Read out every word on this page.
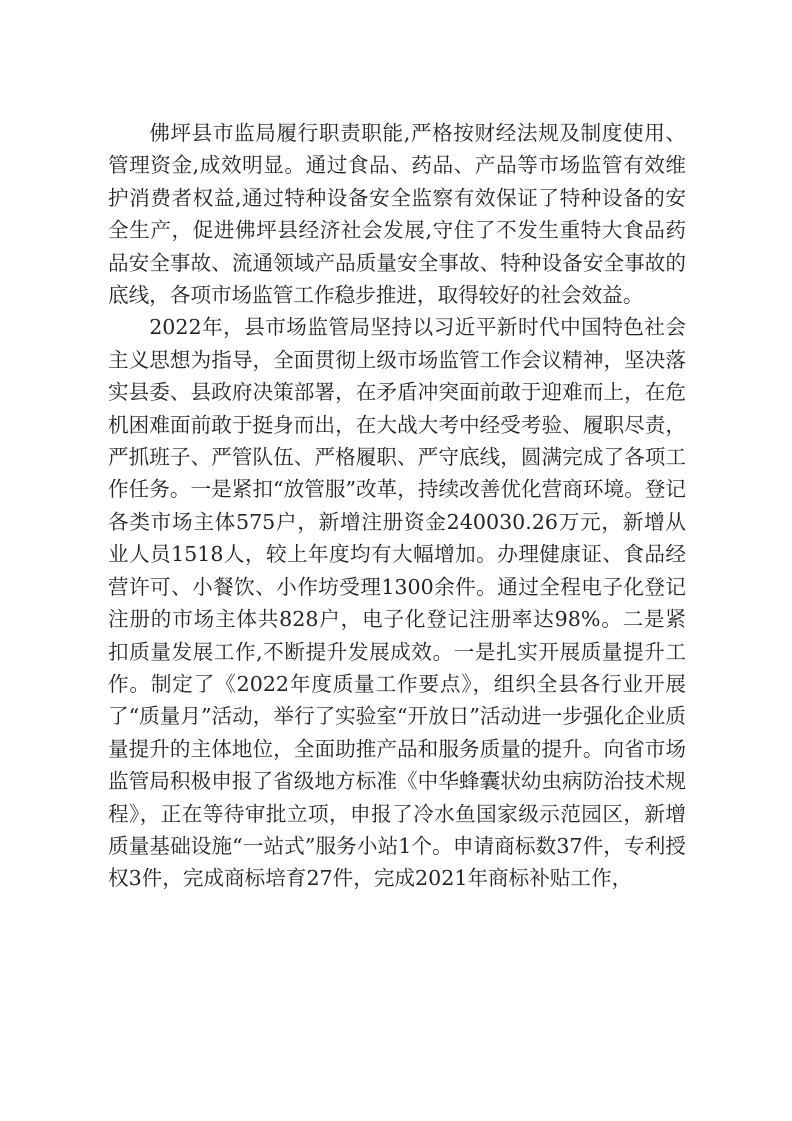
佛坪县市监局履行职责职能,严格按财经法规及制度使用、管理资金,成效明显。通过食品、药品、产品等市场监管有效维护消费者权益,通过特种设备安全监察有效保证了特种设备的安全生产，促进佛坪县经济社会发展,守住了不发生重特大食品药品安全事故、流通领域产品质量安全事故、特种设备安全事故的底线，各项市场监管工作稳步推进，取得较好的社会效益。

2022年，县市场监管局坚持以习近平新时代中国特色社会主义思想为指导，全面贯彻上级市场监管工作会议精神，坚决落实县委、县政府决策部署，在矛盾冲突面前敢于迎难而上，在危机困难面前敢于挺身而出，在大战大考中经受考验、履职尽责，严抓班子、严管队伍、严格履职、严守底线，圆满完成了各项工作任务。一是紧扣“放管服”改革，持续改善优化营商环境。登记各类市场主体575户，新增注册资金240030.26万元，新增从业人员1518人，较上年度均有大幅增加。办理健康证、食品经营许可、小餐饮、小作坊受理1300余件。通过全程电子化登记注册的市场主体共828户，电子化登记注册率达98%。二是紧扣质量发展工作,不断提升发展成效。一是扎实开展质量提升工作。制定了《2022年度质量工作要点》，组织全县各行业开展了“质量月”活动，举行了实验室“开放日”活动进一步强化企业质量提升的主体地位，全面助推产品和服务质量的提升。向省市场监管局积极申报了省级地方标准《中华蜂囊状幼虫病防治技术规程》，正在等待审批立项，申报了冷水鱼国家级示范园区，新增质量基础设施“一站式”服务小站1个。申请商标数37件，专利授权3件，完成商标培育27件，完成2021年商标补贴工作，
